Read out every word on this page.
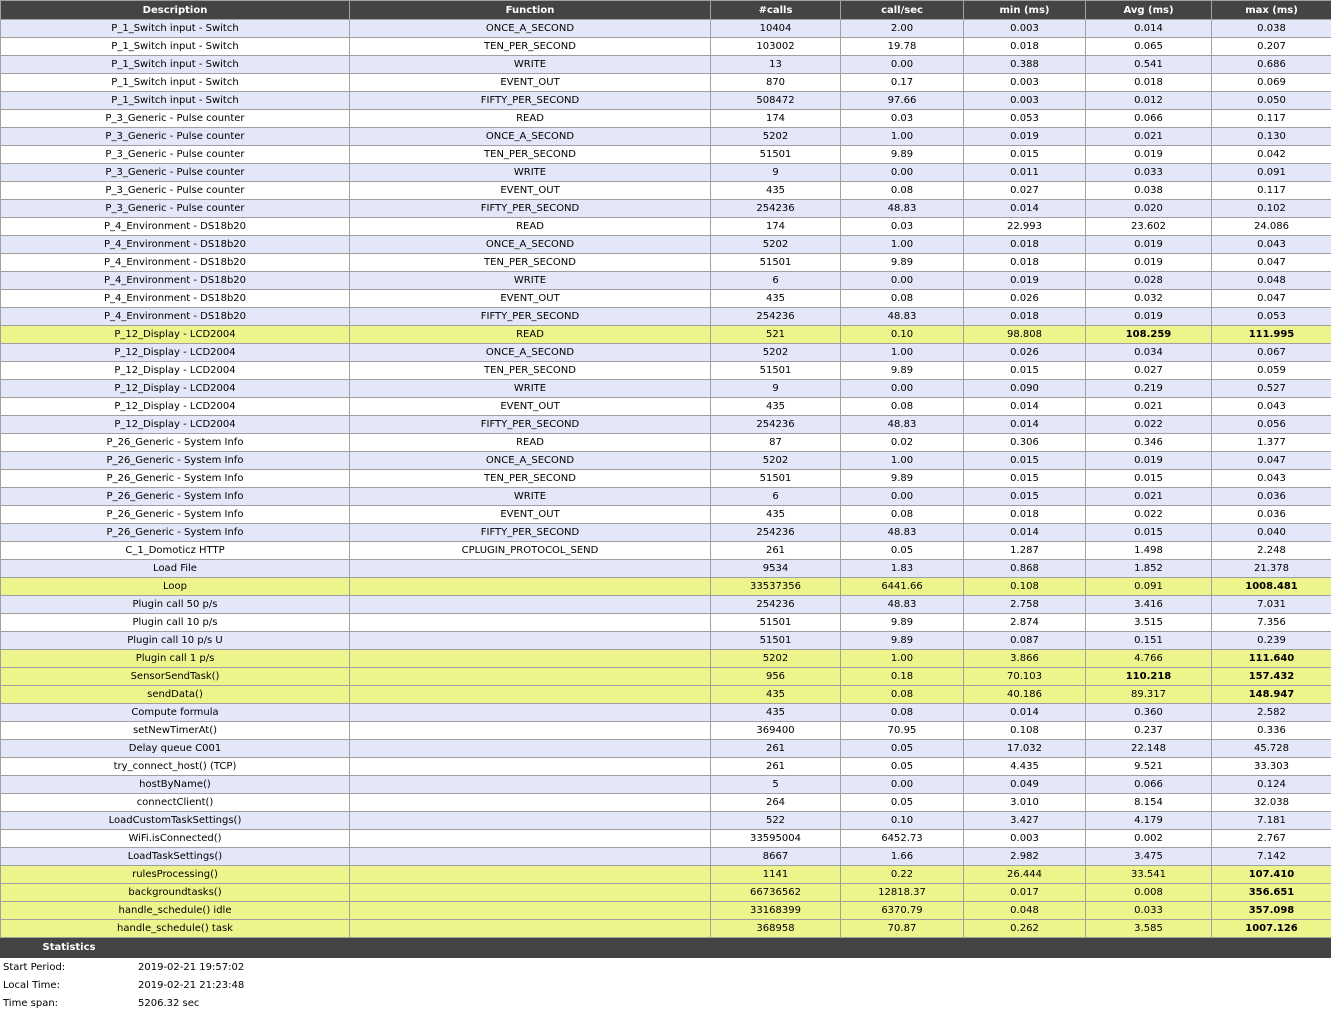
Description	Function	#calls	call/sec	min (ms)	Avg (ms)	max (ms)
P_1_Switch input - Switch	ONCE_A_SECOND	10404	2.00	0.003	0.014	0.038
P_1_Switch input - Switch	TEN_PER_SECOND	103002	19.78	0.018	0.065	0.207
P_1_Switch input - Switch	WRITE	13	0.00	0.388	0.541	0.686
P_1_Switch input - Switch	EVENT_OUT	870	0.17	0.003	0.018	0.069
P_1_Switch input - Switch	FIFTY_PER_SECOND	508472	97.66	0.003	0.012	0.050
P_3_Generic - Pulse counter	READ	174	0.03	0.053	0.066	0.117
P_3_Generic - Pulse counter	ONCE_A_SECOND	5202	1.00	0.019	0.021	0.130
P_3_Generic - Pulse counter	TEN_PER_SECOND	51501	9.89	0.015	0.019	0.042
P_3_Generic - Pulse counter	WRITE	9	0.00	0.011	0.033	0.091
P_3_Generic - Pulse counter	EVENT_OUT	435	0.08	0.027	0.038	0.117
P_3_Generic - Pulse counter	FIFTY_PER_SECOND	254236	48.83	0.014	0.020	0.102
P_4_Environment - DS18b20	READ	174	0.03	22.993	23.602	24.086
P_4_Environment - DS18b20	ONCE_A_SECOND	5202	1.00	0.018	0.019	0.043
P_4_Environment - DS18b20	TEN_PER_SECOND	51501	9.89	0.018	0.019	0.047
P_4_Environment - DS18b20	WRITE	6	0.00	0.019	0.028	0.048
P_4_Environment - DS18b20	EVENT_OUT	435	0.08	0.026	0.032	0.047
P_4_Environment - DS18b20	FIFTY_PER_SECOND	254236	48.83	0.018	0.019	0.053
P_12_Display - LCD2004	READ	521	0.10	98.808	108.259	111.995
P_12_Display - LCD2004	ONCE_A_SECOND	5202	1.00	0.026	0.034	0.067
P_12_Display - LCD2004	TEN_PER_SECOND	51501	9.89	0.015	0.027	0.059
P_12_Display - LCD2004	WRITE	9	0.00	0.090	0.219	0.527
P_12_Display - LCD2004	EVENT_OUT	435	0.08	0.014	0.021	0.043
P_12_Display - LCD2004	FIFTY_PER_SECOND	254236	48.83	0.014	0.022	0.056
P_26_Generic - System Info	READ	87	0.02	0.306	0.346	1.377
P_26_Generic - System Info	ONCE_A_SECOND	5202	1.00	0.015	0.019	0.047
P_26_Generic - System Info	TEN_PER_SECOND	51501	9.89	0.015	0.015	0.043
P_26_Generic - System Info	WRITE	6	0.00	0.015	0.021	0.036
P_26_Generic - System Info	EVENT_OUT	435	0.08	0.018	0.022	0.036
P_26_Generic - System Info	FIFTY_PER_SECOND	254236	48.83	0.014	0.015	0.040
C_1_Domoticz HTTP	CPLUGIN_PROTOCOL_SEND	261	0.05	1.287	1.498	2.248
Load File		9534	1.83	0.868	1.852	21.378
Loop		33537356	6441.66	0.108	0.091	1008.481
Plugin call 50 p/s		254236	48.83	2.758	3.416	7.031
Plugin call 10 p/s		51501	9.89	2.874	3.515	7.356
Plugin call 10 p/s U		51501	9.89	0.087	0.151	0.239
Plugin call 1 p/s		5202	1.00	3.866	4.766	111.640
SensorSendTask()		956	0.18	70.103	110.218	157.432
sendData()		435	0.08	40.186	89.317	148.947
Compute formula		435	0.08	0.014	0.360	2.582
setNewTimerAt()		369400	70.95	0.108	0.237	0.336
Delay queue C001		261	0.05	17.032	22.148	45.728
try_connect_host() (TCP)		261	0.05	4.435	9.521	33.303
hostByName()		5	0.00	0.049	0.066	0.124
connectClient()		264	0.05	3.010	8.154	32.038
LoadCustomTaskSettings()		522	0.10	3.427	4.179	7.181
WiFi.isConnected()		33595004	6452.73	0.003	0.002	2.767
LoadTaskSettings()		8667	1.66	2.982	3.475	7.142
rulesProcessing()		1141	0.22	26.444	33.541	107.410
backgroundtasks()		66736562	12818.37	0.017	0.008	356.651
handle_schedule() idle		33168399	6370.79	0.048	0.033	357.098
handle_schedule() task		368958	70.87	0.262	3.585	1007.126
Statistics
Start Period:	2019-02-21 19:57:02
Local Time:	2019-02-21 21:23:48
Time span:	5206.32 sec
